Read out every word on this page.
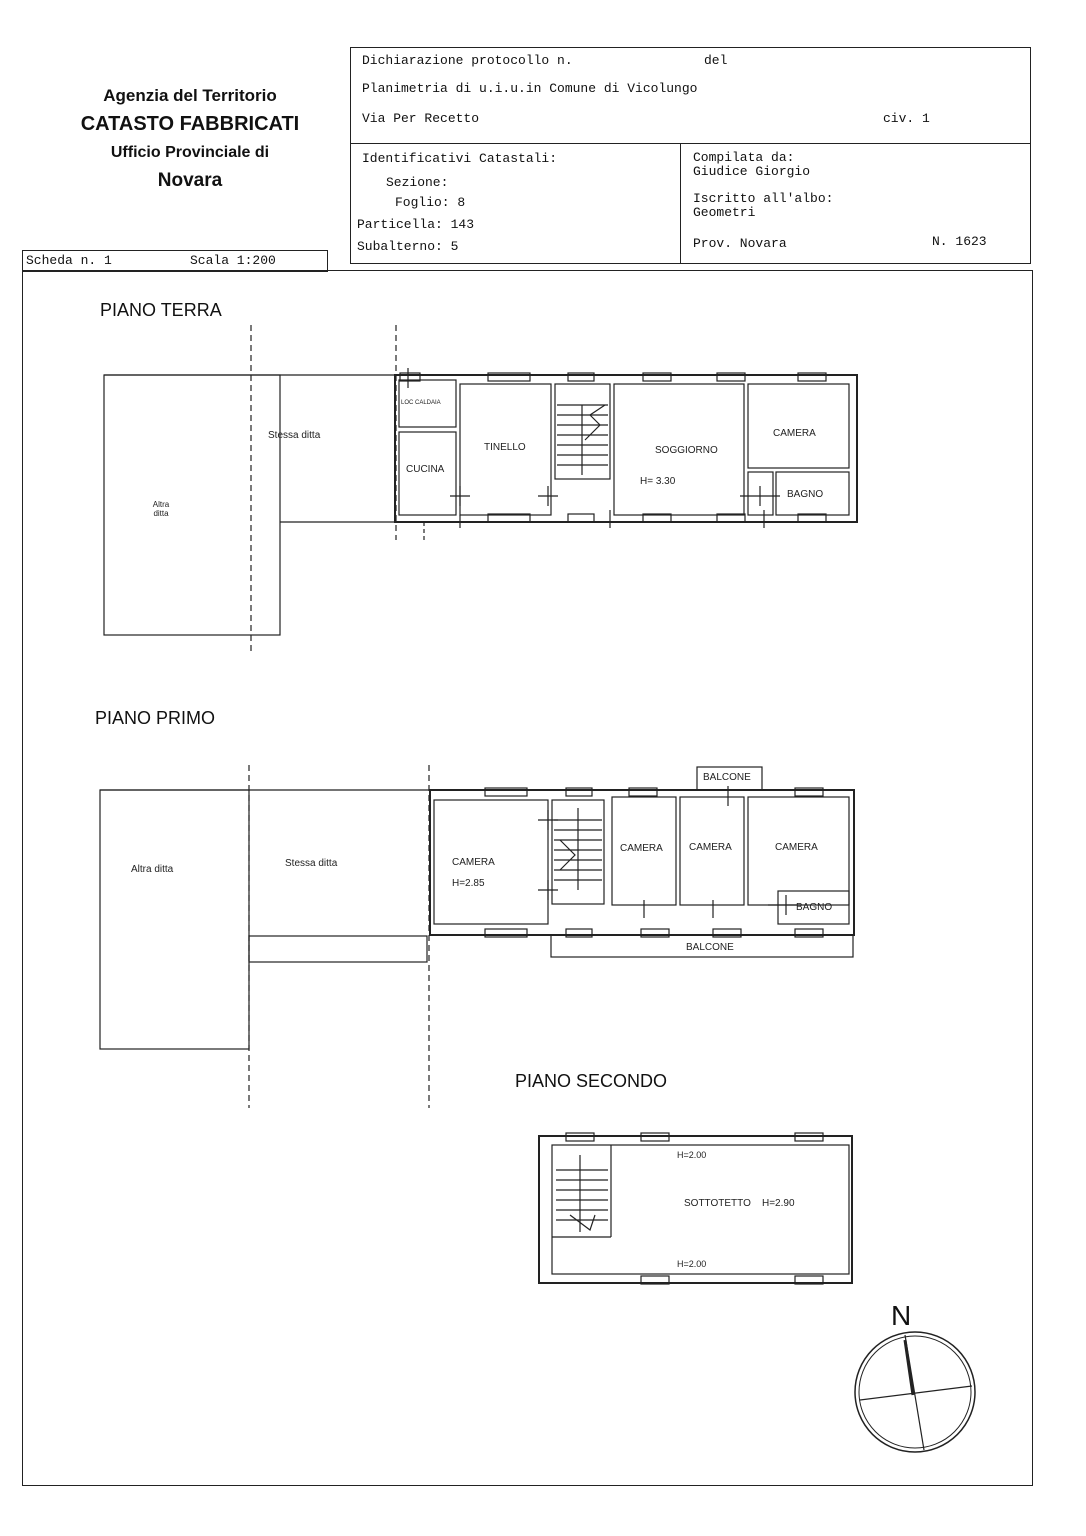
Agenzia del Territorio
CATASTO FABBRICATI
Ufficio Provinciale di
Novara
Dichiarazione protocollo n.	del
Planimetria di u.i.u.in Comune di Vicolungo
Via Per Recetto	civ. 1
Identificativi Catastali:
Sezione:
Foglio: 8
Particella: 143
Subalterno: 5
Compilata da:
Giudice Giorgio
Iscritto all'albo:
Geometri
Prov. Novara	N. 1623
Scheda n. 1	Scala 1:200
PIANO TERRA
PIANO PRIMO
PIANO SECONDO
Altra ditta
Stessa ditta
LOC CALDAIA
CUCINA
TINELLO	SOGGIORNO
H= 3.30
CAMERA
BAGNO
Altra ditta
Stessa ditta	CAMERA
H=2.85
CAMERA	CAMERA	CAMERA
BALCONE
BAGNO
BALCONE
H=2.00
SOTTOTETTO H=2.90
H=2.00
N
